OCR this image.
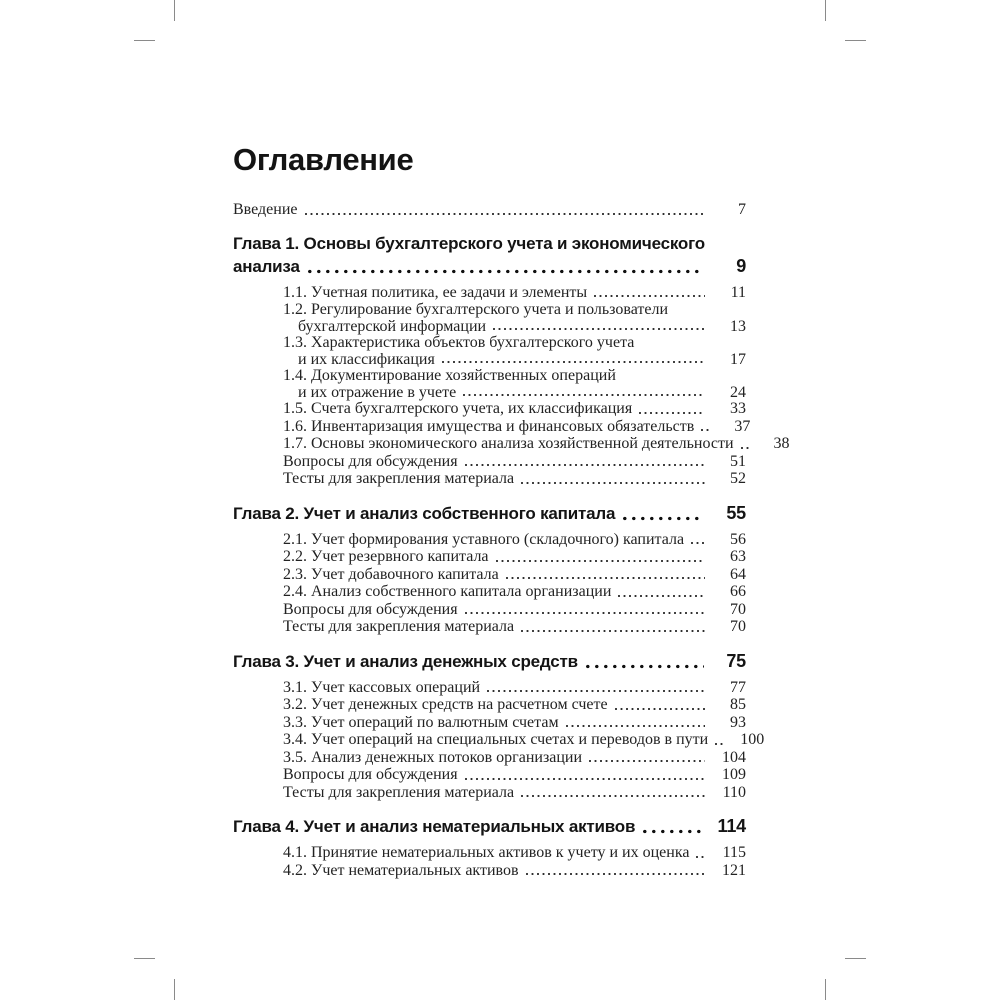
Оглавление
Введение	7
Глава 1. Основы бухгалтерского учета и экономического
анализа	9
1.1. Учетная политика, ее задачи и элементы	11
1.2. Регулирование бухгалтерского учета и пользователи
бухгалтерской информации	13
1.3. Характеристика объектов бухгалтерского учета
и их классификация	17
1.4. Документирование хозяйственных операций
и их отражение в учете	24
1.5. Счета бухгалтерского учета, их классификация	33
1.6. Инвентаризация имущества и финансовых обязательств	37
1.7. Основы экономического анализа хозяйственной деятельности	38
Вопросы для обсуждения	51
Тесты для закрепления материала	52
Глава 2. Учет и анализ собственного капитала	55
2.1. Учет формирования уставного (складочного) капитала	56
2.2. Учет резервного капитала	63
2.3. Учет добавочного капитала	64
2.4. Анализ собственного капитала организации	66
Вопросы для обсуждения	70
Тесты для закрепления материала	70
Глава 3. Учет и анализ денежных средств	75
3.1. Учет кассовых операций	77
3.2. Учет денежных средств на расчетном счете	85
3.3. Учет операций по валютным счетам	93
3.4. Учет операций на специальных счетах и переводов в пути	100
3.5. Анализ денежных потоков организации	104
Вопросы для обсуждения	109
Тесты для закрепления материала	110
Глава 4. Учет и анализ нематериальных активов	114
4.1. Принятие нематериальных активов к учету и их оценка	115
4.2. Учет нематериальных активов	121
